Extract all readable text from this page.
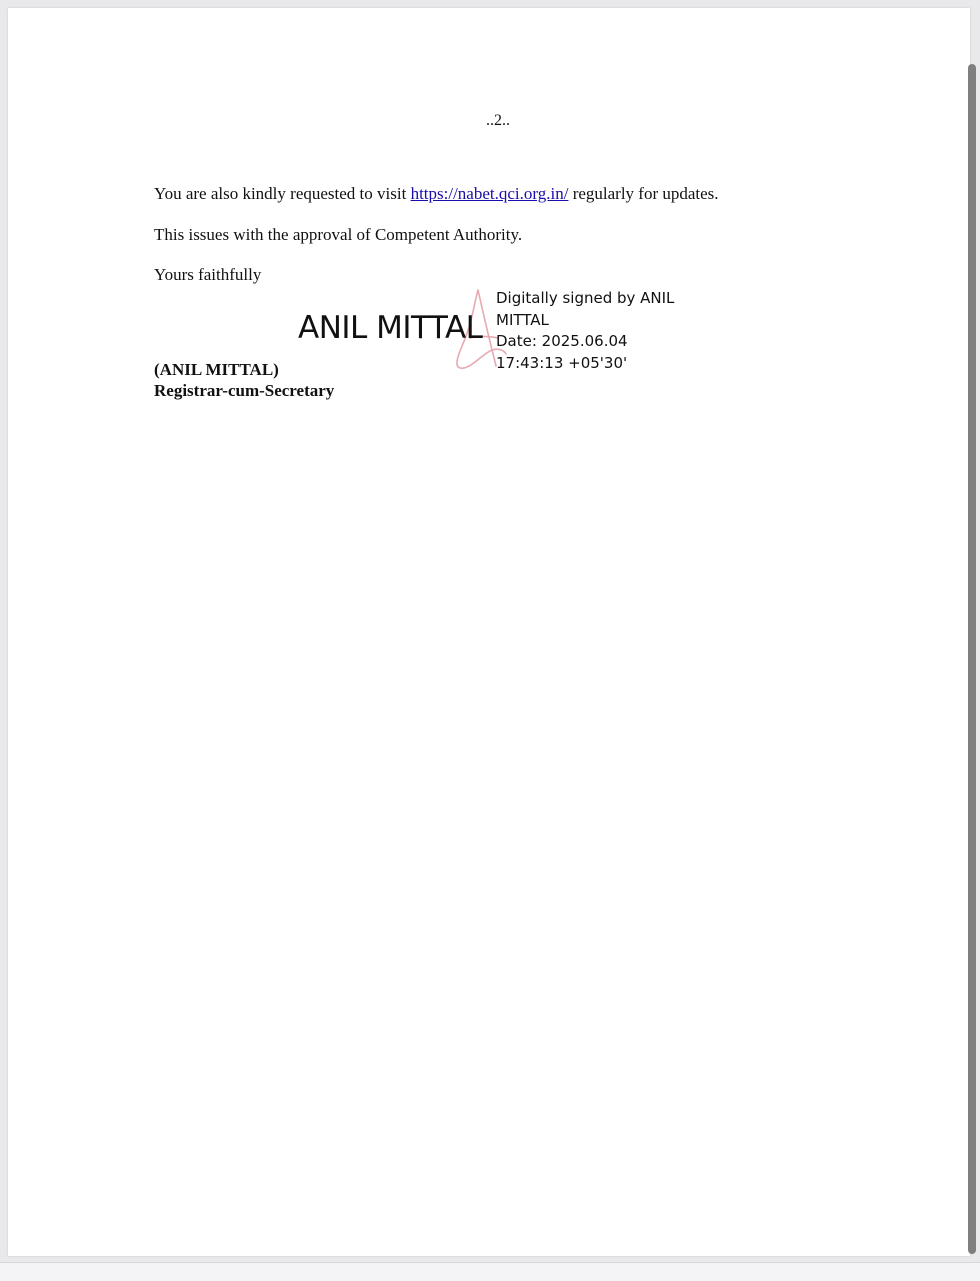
..2..
You are also kindly requested to visit https://nabet.qci.org.in/ regularly for updates.
This issues with the approval of Competent Authority.
Yours faithfully
ANIL MITTAL
Digitally signed by ANIL
MITTAL
Date: 2025.06.04
17:43:13 +05'30'
(ANIL MITTAL)
Registrar-cum-Secretary
